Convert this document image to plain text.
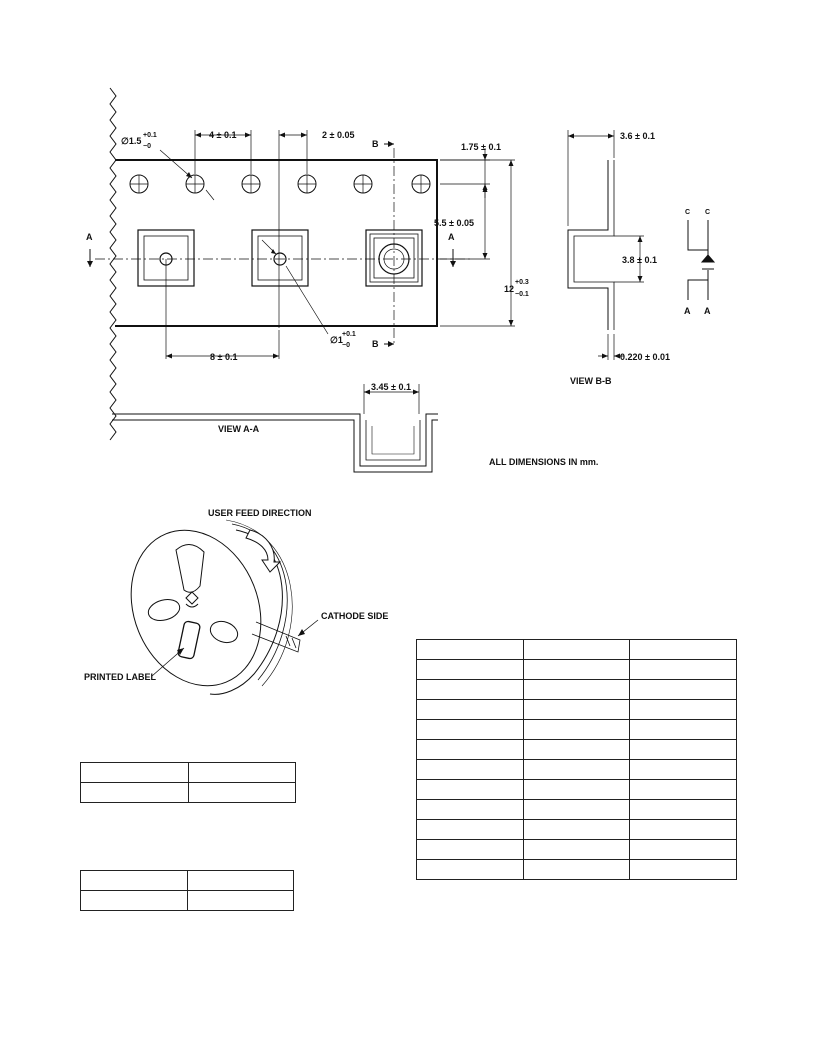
∅1.5
+0.1
−0
4 ± 0.1	2 ± 0.05
1.75 ± 0.1
5.5 ± 0.05
12
+0.3
−0.1
8 ± 0.1
∅1
+0.1
−0
A	A
B
B
3.45 ± 0.1
VIEW A-A
ALL DIMENSIONS IN mm.
3.6 ± 0.1
3.8 ± 0.1
0.220 ± 0.01
VIEW B-B
C C
A A
USER FEED DIRECTION
CATHODE SIDE
PRINTED LABEL
